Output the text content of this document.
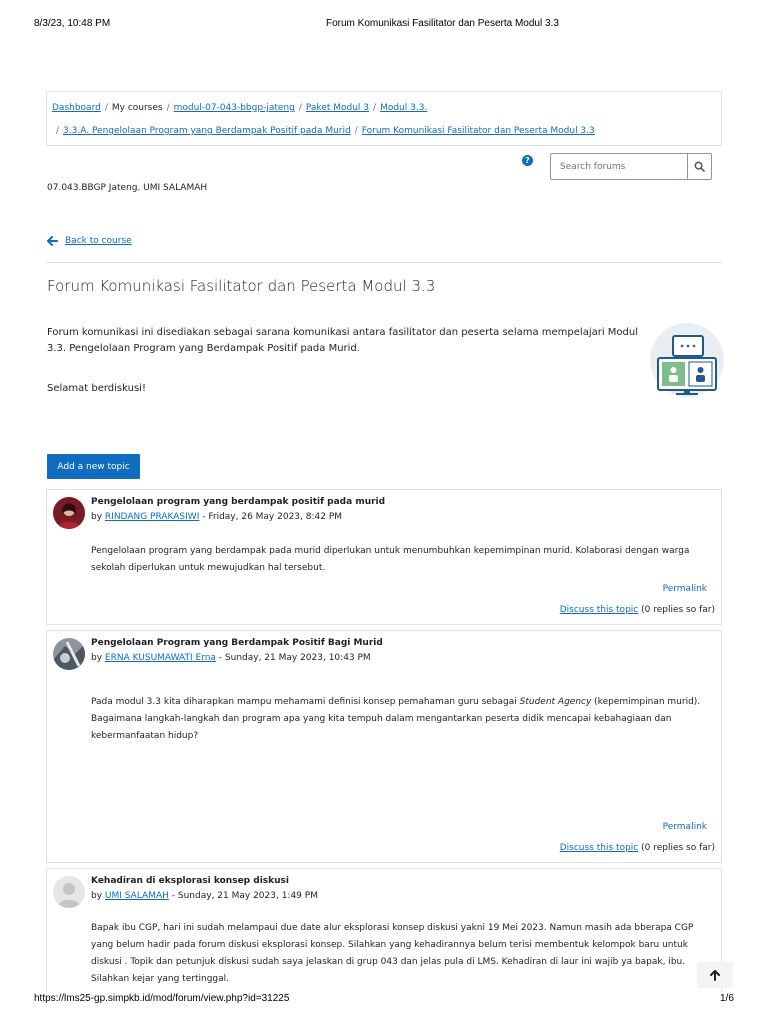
8/3/23, 10:48 PM	Forum Komunikasi Fasilitator dan Peserta Modul 3.3
Dashboard / My courses / modul-07-043-bbgp-jateng / Paket Modul 3 / Modul 3.3.
/ 3.3.A. Pengelolaan Program yang Berdampak Positif pada Murid / Forum Komunikasi Fasilitator dan Peserta Modul 3.3
?
Search forums
07.043.BBGP Jateng. UMI SALAMAH
Back to course
Forum Komunikasi Fasilitator dan Peserta Modul 3.3
Forum komunikasi ini disediakan sebagai sarana komunikasi antara fasilitator dan peserta selama mempelajari Modul 3.3. Pengelolaan Program yang Berdampak Positif pada Murid.
Selamat berdiskusi!
Add a new topic
Pengelolaan program yang berdampak positif pada murid
by RINDANG PRAKASIWI - Friday, 26 May 2023, 8:42 PM
Pengelolaan program yang berdampak pada murid diperlukan untuk menumbuhkan kepemimpinan murid. Kolaborasi dengan warga sekolah diperlukan untuk mewujudkan hal tersebut.
Permalink
Discuss this topic (0 replies so far)
Pengelolaan Program yang Berdampak Positif Bagi Murid
by ERNA KUSUMAWATI Erna - Sunday, 21 May 2023, 10:43 PM
Pada modul 3.3 kita diharapkan mampu mehamami definisi konsep pemahaman guru sebagai Student Agency (kepemimpinan murid). Bagaimana langkah-langkah dan program apa yang kita tempuh dalam mengantarkan peserta didik mencapai kebahagiaan dan kebermanfaatan hidup?
Permalink
Discuss this topic (0 replies so far)
Kehadiran di eksplorasi konsep diskusi
by UMI SALAMAH - Sunday, 21 May 2023, 1:49 PM
Bapak ibu CGP, hari ini sudah melampaui due date alur eksplorasi konsep diskusi yakni 19 Mei 2023. Namun masih ada bberapa CGP yang belum hadir pada forum diskusi eksplorasi konsep. Silahkan yang kehadirannya belum terisi membentuk kelompok baru untuk diskusi . Topik dan petunjuk diskusi sudah saya jelaskan di grup 043 dan jelas pula di LMS. Kehadiran di laur ini wajib ya bapak, ibu. Silahkan kejar yang tertinggal.
https://lms25-gp.simpkb.id/mod/forum/view.php?id=31225	1/6
